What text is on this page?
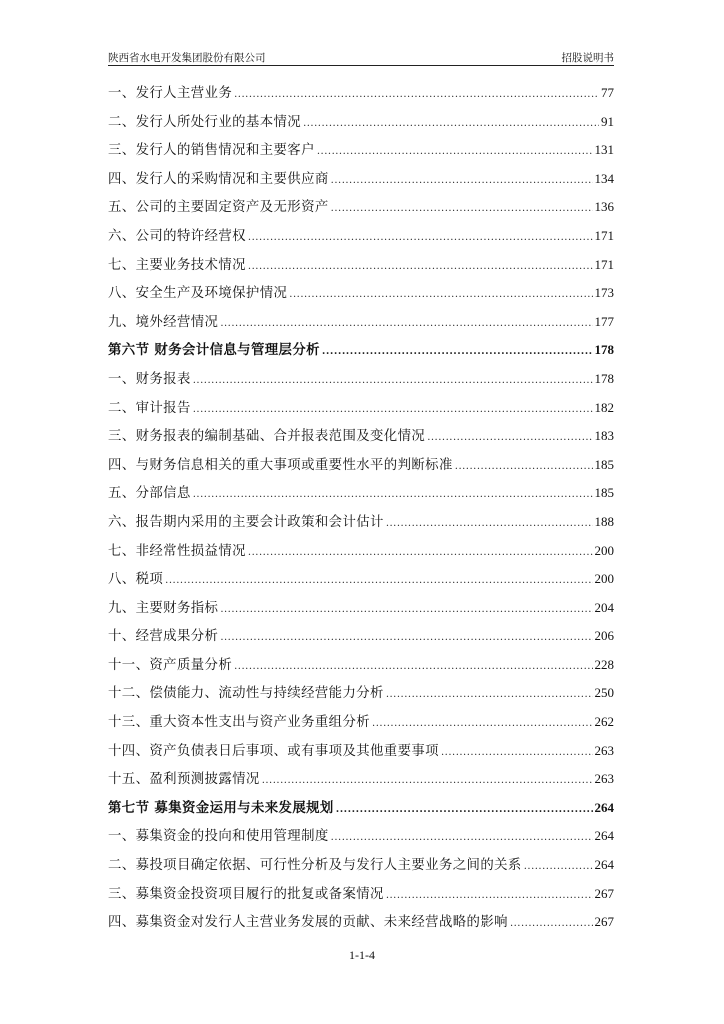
陕西省水电开发集团股份有限公司	招股说明书
一、发行人主营业务 .....	77
二、发行人所处行业的基本情况 .....	91
三、发行人的销售情况和主要客户 .....	131
四、发行人的采购情况和主要供应商 .....	134
五、公司的主要固定资产及无形资产 .....	136
六、公司的特许经营权 .....	171
七、主要业务技术情况 .....	171
八、安全生产及环境保护情况 .....	173
九、境外经营情况 .....	177
第六节 财务会计信息与管理层分析 .....	178
一、财务报表 .....	178
二、审计报告 .....	182
三、财务报表的编制基础、合并报表范围及变化情况 .....	183
四、与财务信息相关的重大事项或重要性水平的判断标准 .....	185
五、分部信息 .....	185
六、报告期内采用的主要会计政策和会计估计 .....	188
七、非经常性损益情况 .....	200
八、税项 .....	200
九、主要财务指标 .....	204
十、经营成果分析 .....	206
十一、资产质量分析 .....	228
十二、偿债能力、流动性与持续经营能力分析 .....	250
十三、重大资本性支出与资产业务重组分析 .....	262
十四、资产负债表日后事项、或有事项及其他重要事项 .....	263
十五、盈利预测披露情况 .....	263
第七节 募集资金运用与未来发展规划 .....	264
一、募集资金的投向和使用管理制度 .....	264
二、募投项目确定依据、可行性分析及与发行人主要业务之间的关系 .....	264
三、募集资金投资项目履行的批复或备案情况 .....	267
四、募集资金对发行人主营业务发展的贡献、未来经营战略的影响 .....	267
1-1-4
